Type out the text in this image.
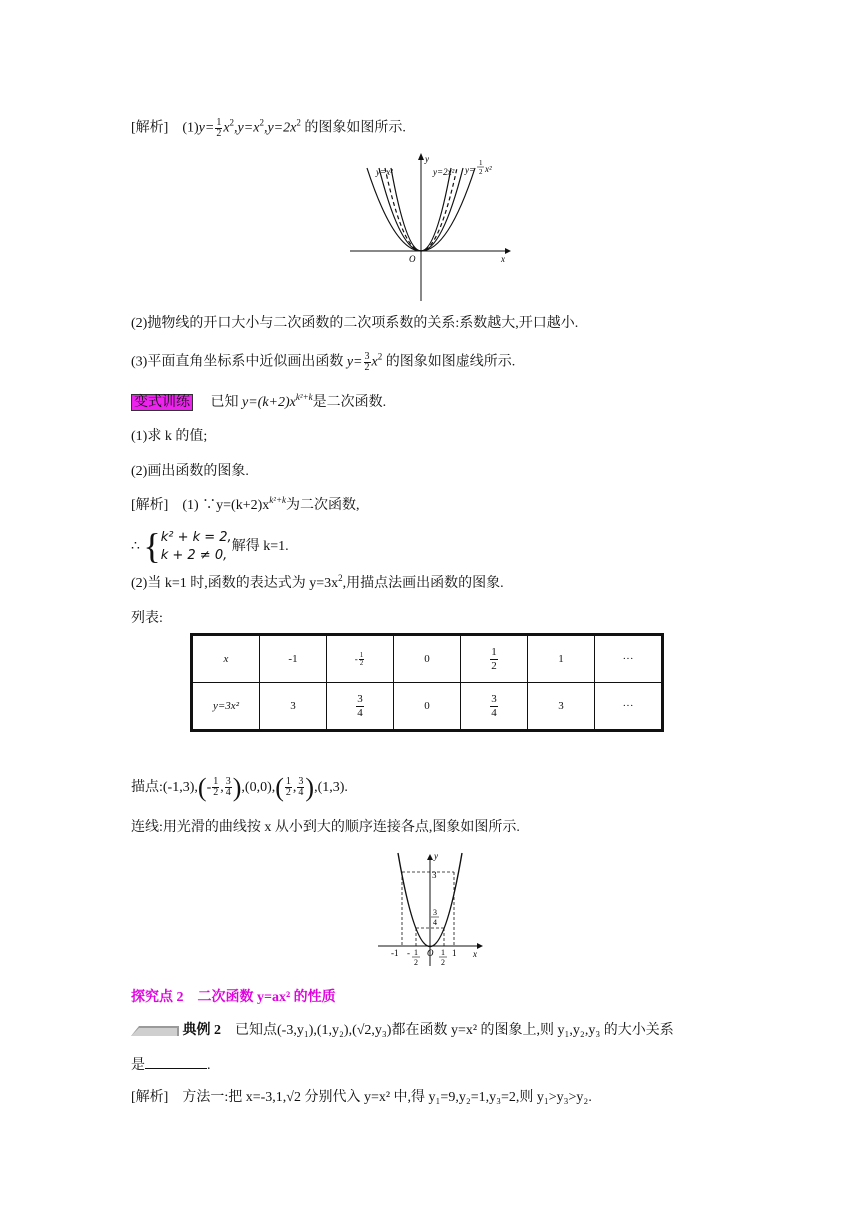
[解析] $(1)y= \frac{1}{2} x^2,y=x^2,y=2x^2$ 的图象如图所示.
y=x²	y=2x² y=
1
2 x²
y
O	x
(2)抛物线的开口大小与二次函数的二次项系数的关系:系数越大,开口越小.
(3)平面直角坐标系中近似画出函数 $y= \frac{3}{2} x^2$ 的图象如图虚线所示.
变式训练 已知 $y=(k+2)x^{k^2+k}$是二次函数.
(1)求 k 的值;
(2)画出函数的图象.
[解析] (1) $\because y=(k+2)x^{k^2+k}$为二次函数,
∴ { k² + k = 2,
k + 2 ≠ 0,
解得 k=1.
(2)当 k=1 时,函数的表达式为 $y=3x^2$,用描点法画出函数的图象.
列表:
x	-1	- $\frac{1}{2}$	0	$\frac{1}{2}$	1	···
y=3x²	3	$\frac{3}{4}$	0	$\frac{3}{4}$	3	···
描点:(-1,3),(- $\frac{1}{2}$ , $\frac{3}{4} ),(0,0),( \frac{1}{2}$ , $\frac{3}{4} ),(1,3)$.
连线:用光滑的曲线按 x 从小到大的顺序连接各点,图象如图所示.
y
3
3
4
-1 - 1
2
O 1
2
1 x
探究点 2　二次函数 y=ax² 的性质
典例 2 已知点(-3,y₁),(1,y₂),(√2,y₃)都在函数 y=x² 的图象上,则 y₁,y₂,y₃ 的大小关系
是	.
[解析] 方法一:把 x=-3,1,√2 分别代入 y=x² 中,得 y₁=9,y₂=1,y₃=2,则 y₁>y₃>y₂.
